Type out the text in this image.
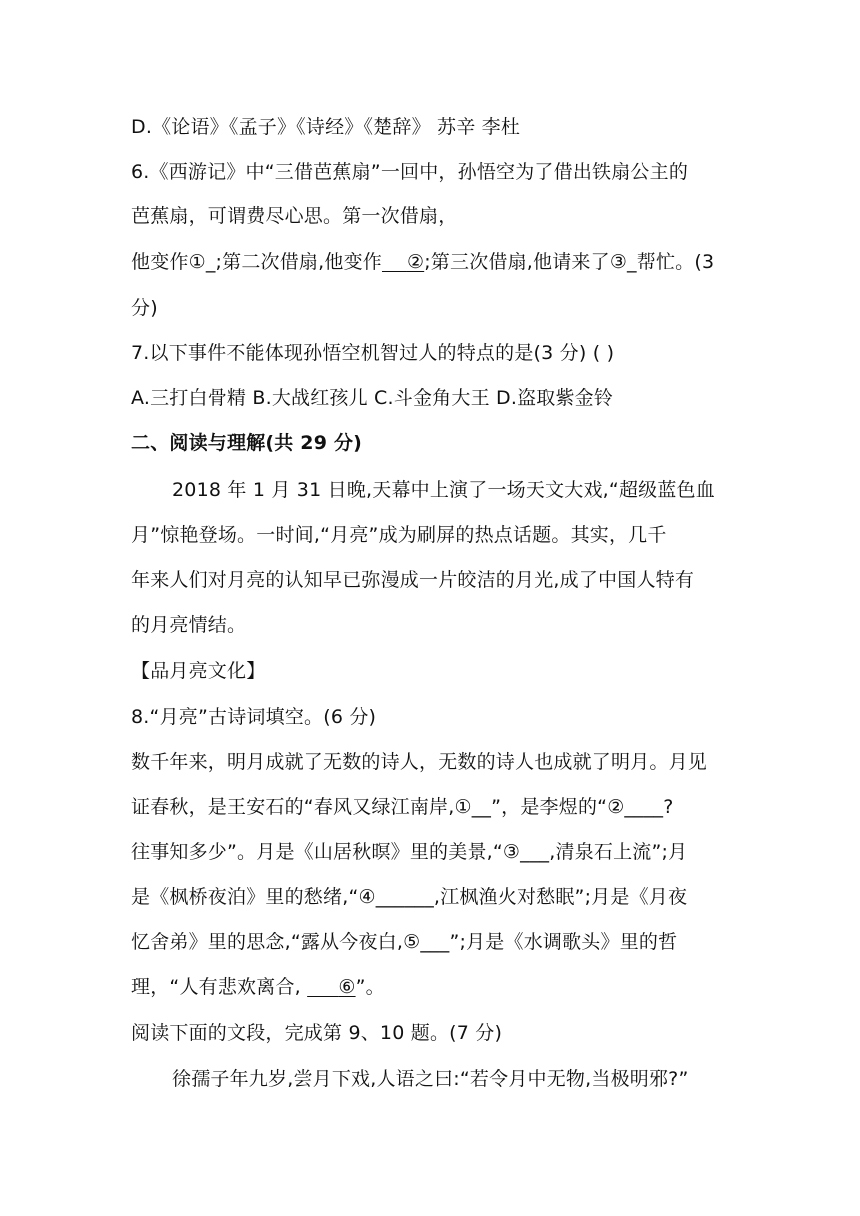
D.《论语》《孟子》《诗经》《楚辞》 苏辛 李杜
6.《西游记》中“三借芭蕉扇”一回中，孙悟空为了借出铁扇公主的
芭蕉扇，可谓费尽心思。第一次借扇，
他变作①_;第二次借扇,他变作 ②;第三次借扇,他请来了③_帮忙。(3
分)
7.以下事件不能体现孙悟空机智过人的特点的是(3 分) ( )
A.三打白骨精 B.大战红孩儿 C.斗金角大王 D.盗取紫金铃
二、阅读与理解(共 29 分)
2018 年 1 月 31 日晚,天幕中上演了一场天文大戏,“超级蓝色血
月”惊艳登场。一时间,“月亮”成为刷屏的热点话题。其实，几千
年来人们对月亮的认知早已弥漫成一片皎洁的月光,成了中国人特有
的月亮情结。
【品月亮文化】
8.“月亮”古诗词填空。(6 分)
数千年来，明月成就了无数的诗人，无数的诗人也成就了明月。月见
证春秋，是王安石的“春风又绿江南岸,①__”，是李煜的“②____?
往事知多少”。月是《山居秋暝》里的美景,“③___,清泉石上流”;月
是《枫桥夜泊》里的愁绪,“④______,江枫渔火对愁眠”;月是《月夜
忆舍弟》里的思念,“露从今夜白,⑤___”;月是《水调歌头》里的哲
理，“人有悲欢离合, ⑥”。
阅读下面的文段，完成第 9、10 题。(7 分)
徐孺子年九岁,尝月下戏,人语之曰:“若令月中无物,当极明邪?”
